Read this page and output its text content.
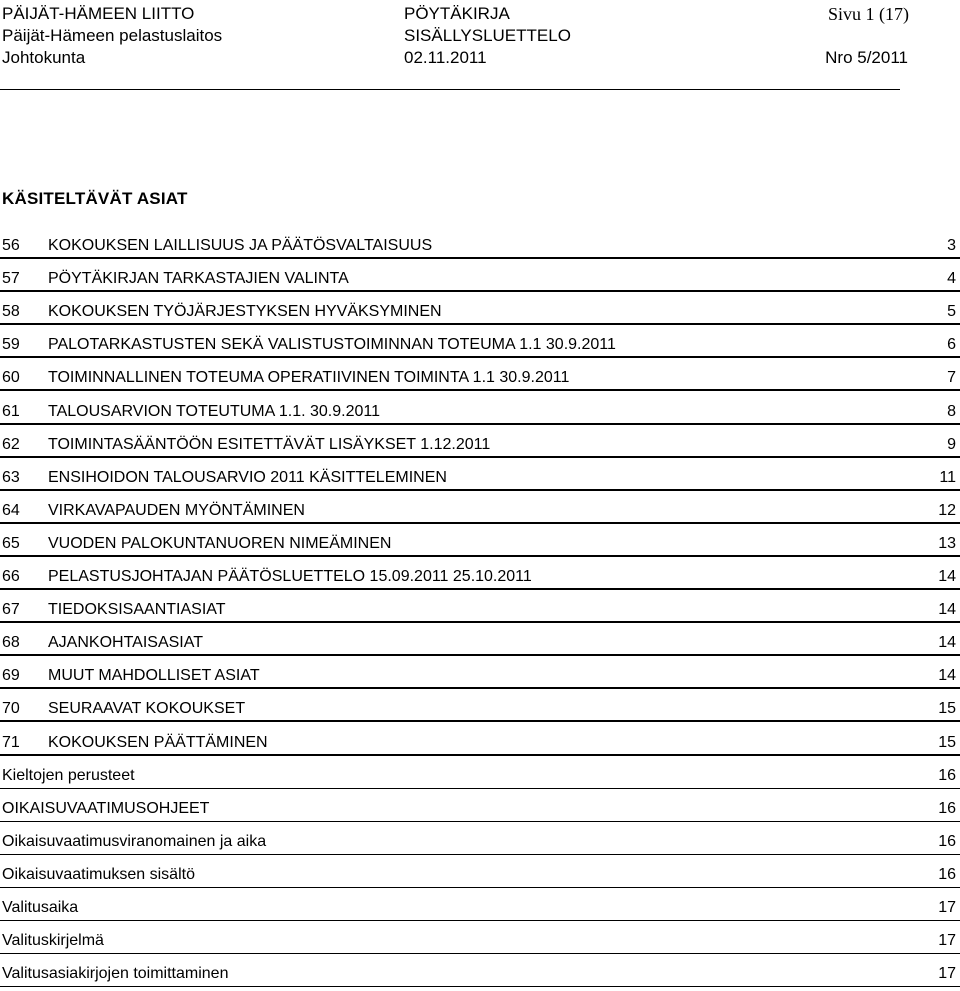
PÄIJÄT-HÄMEEN LIITTO	PÖYTÄKIRJA	Sivu 1 (17)
Päijät-Hämeen pelastuslaitos	SISÄLLYSLUETTELO
Johtokunta	02.11.2011	Nro 5/2011
KÄSITELTÄVÄT ASIAT
56 KOKOUKSEN LAILLISUUS JA PÄÄTÖSVALTAISUUS	3
57 PÖYTÄKIRJAN TARKASTAJIEN VALINTA	4
58 KOKOUKSEN TYÖJÄRJESTYKSEN HYVÄKSYMINEN	5
59 PALOTARKASTUSTEN SEKÄ VALISTUSTOIMINNAN TOTEUMA 1.1 30.9.2011	6
60 TOIMINNALLINEN TOTEUMA OPERATIIVINEN TOIMINTA 1.1 30.9.2011	7
61 TALOUSARVION TOTEUTUMA 1.1. 30.9.2011	8
62 TOIMINTASÄÄNTÖÖN ESITETTÄVÄT LISÄYKSET 1.12.2011	9
63 ENSIHOIDON TALOUSARVIO 2011 KÄSITTELEMINEN	11
64 VIRKAVAPAUDEN MYÖNTÄMINEN	12
65 VUODEN PALOKUNTANUOREN NIMEÄMINEN	13
66 PELASTUSJOHTAJAN PÄÄTÖSLUETTELO 15.09.2011 25.10.2011	14
67 TIEDOKSISAANTIASIAT	14
68 AJANKOHTAISASIAT	14
69 MUUT MAHDOLLISET ASIAT	14
70 SEURAAVAT KOKOUKSET	15
71 KOKOUKSEN PÄÄTTÄMINEN	15
Kieltojen perusteet	16
OIKAISUVAATIMUSOHJEET	16
Oikaisuvaatimusviranomainen ja aika	16
Oikaisuvaatimuksen sisältö	16
Valitusaika	17
Valituskirjelmä	17
Valitusasiakirjojen toimittaminen	17
